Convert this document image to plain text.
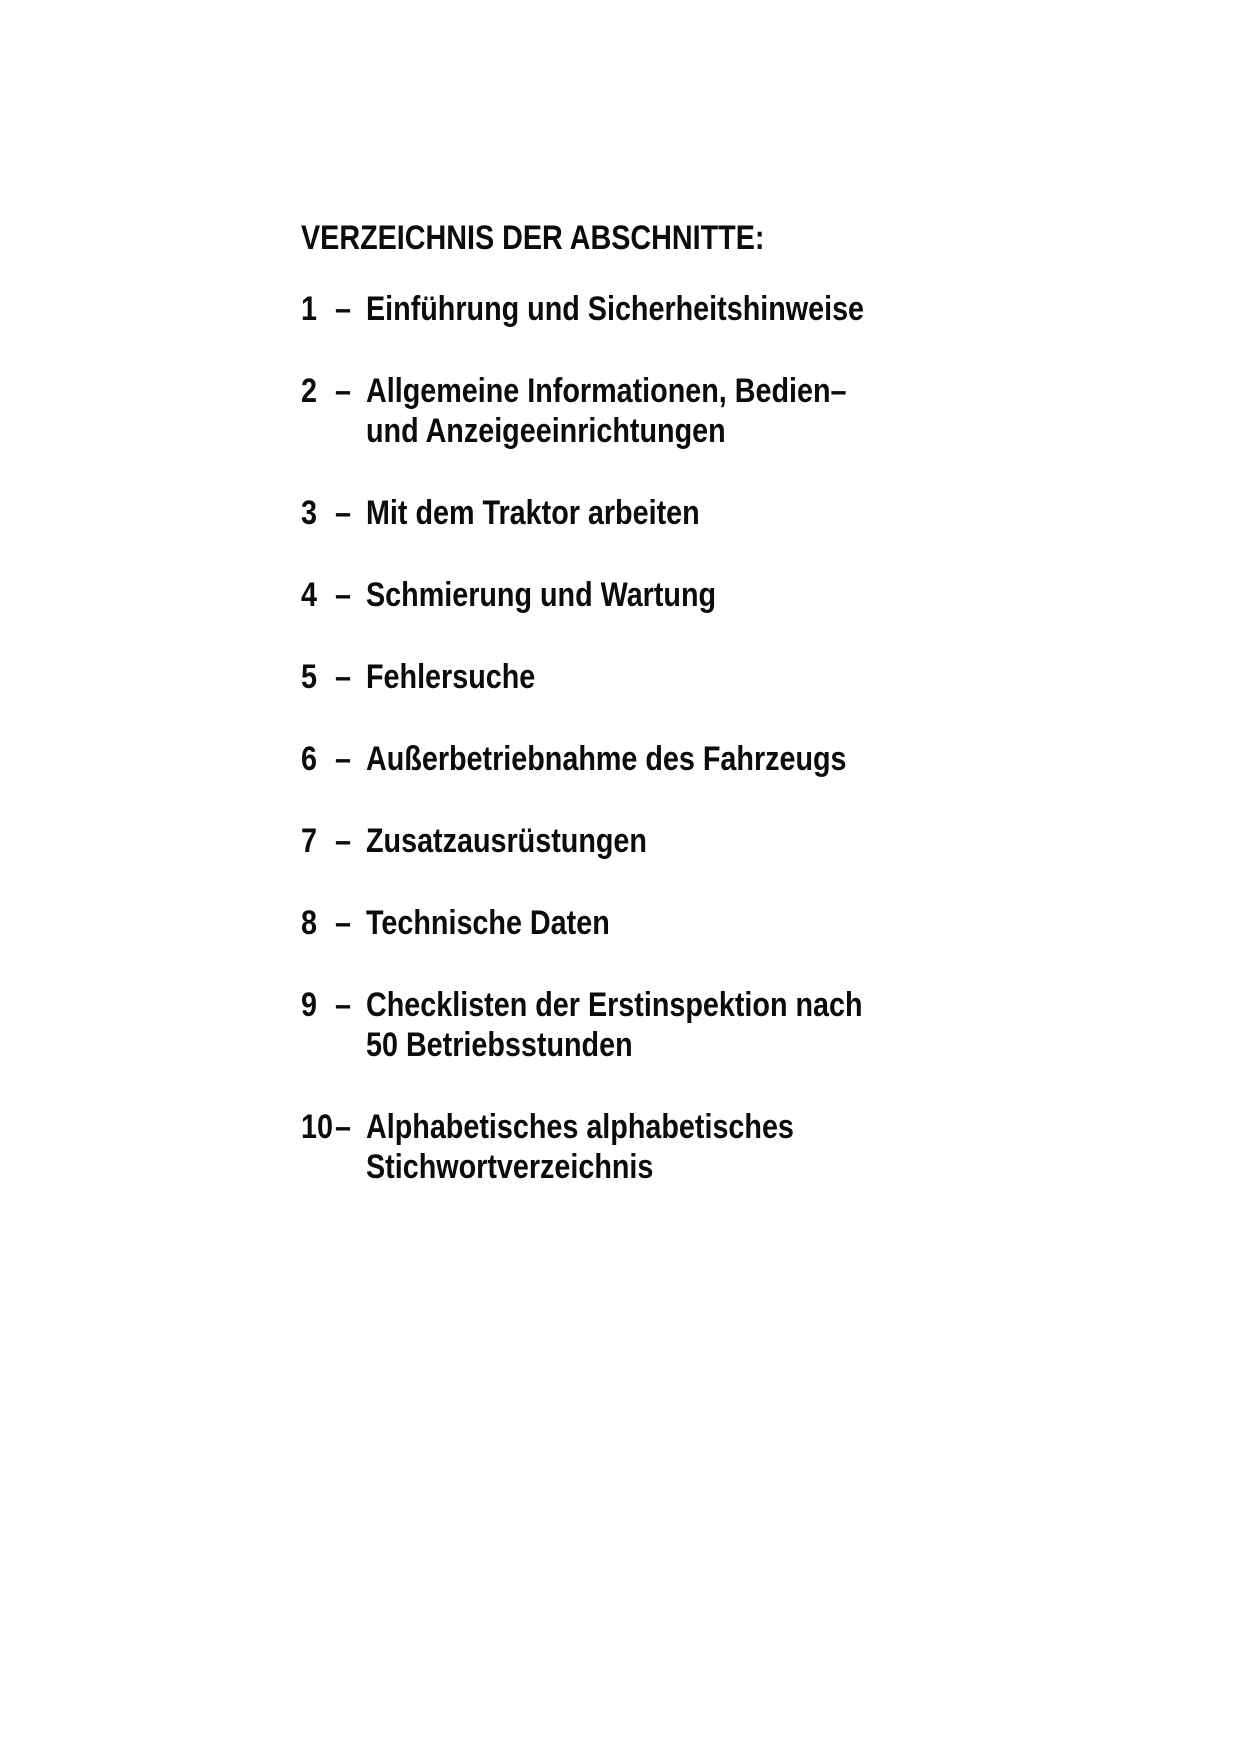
VERZEICHNIS DER ABSCHNITTE:
1 – Einführung und Sicherheitshinweise
2 – Allgemeine Informationen, Bedien–
und Anzeigeeinrichtungen
3 – Mit dem Traktor arbeiten
4 – Schmierung und Wartung
5 – Fehlersuche
6 – Außerbetriebnahme des Fahrzeugs
7 – Zusatzausrüstungen
8 – Technische Daten
9 – Checklisten der Erstinspektion nach
50 Betriebsstunden
10 – Alphabetisches alphabetisches
Stichwortverzeichnis
